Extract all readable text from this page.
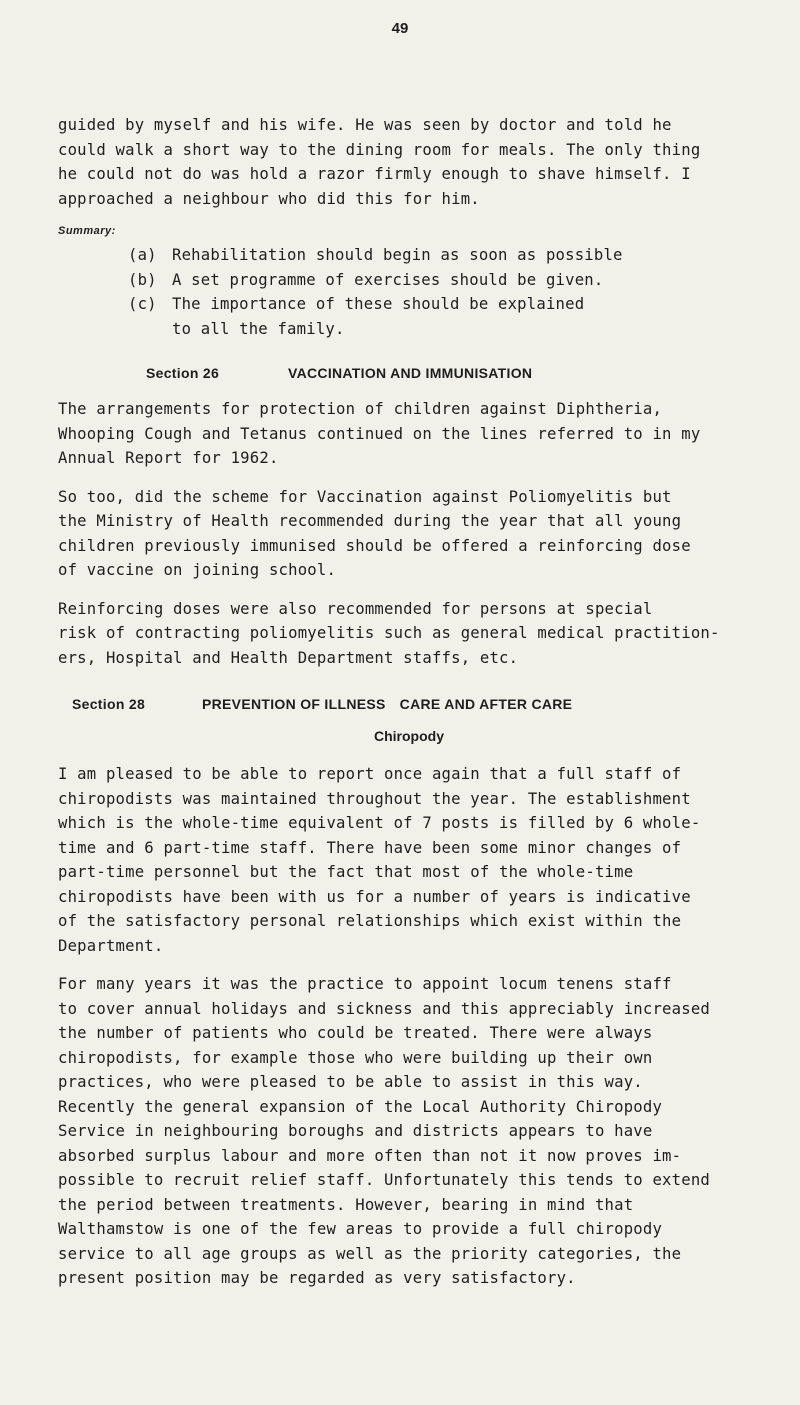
49

guided by myself and his wife. He was seen by doctor and told he
could walk a short way to the dining room for meals. The only thing
he could not do was hold a razor firmly enough to shave himself. I
approached a neighbour who did this for him.

Summary:
(a) Rehabilitation should begin as soon as possible
(b) A set programme of exercises should be given.
(c) The importance of these should be explained
to all the family.
Section 26	VACCINATION AND IMMUNISATION

The arrangements for protection of children against Diphtheria,
Whooping Cough and Tetanus continued on the lines referred to in my
Annual Report for 1962.

So too, did the scheme for Vaccination against Poliomyelitis but
the Ministry of Health recommended during the year that all young
children previously immunised should be offered a reinforcing dose
of vaccine on joining school.

Reinforcing doses were also recommended for persons at special
risk of contracting poliomyelitis such as general medical practition-
ers, Hospital and Health Department staffs, etc.

Section 28	PREVENTION OF ILLNESS CARE AND AFTER CARE
Chiropody

I am pleased to be able to report once again that a full staff of
chiropodists was maintained throughout the year. The establishment
which is the whole-time equivalent of 7 posts is filled by 6 whole-
time and 6 part-time staff. There have been some minor changes of
part-time personnel but the fact that most of the whole-time
chiropodists have been with us for a number of years is indicative
of the satisfactory personal relationships which exist within the
Department.

For many years it was the practice to appoint locum tenens staff
to cover annual holidays and sickness and this appreciably increased
the number of patients who could be treated. There were always
chiropodists, for example those who were building up their own
practices, who were pleased to be able to assist in this way.
Recently the general expansion of the Local Authority Chiropody
Service in neighbouring boroughs and districts appears to have
absorbed surplus labour and more often than not it now proves im-
possible to recruit relief staff. Unfortunately this tends to extend
the period between treatments. However, bearing in mind that
Walthamstow is one of the few areas to provide a full chiropody
service to all age groups as well as the priority categories, the
present position may be regarded as very satisfactory.
